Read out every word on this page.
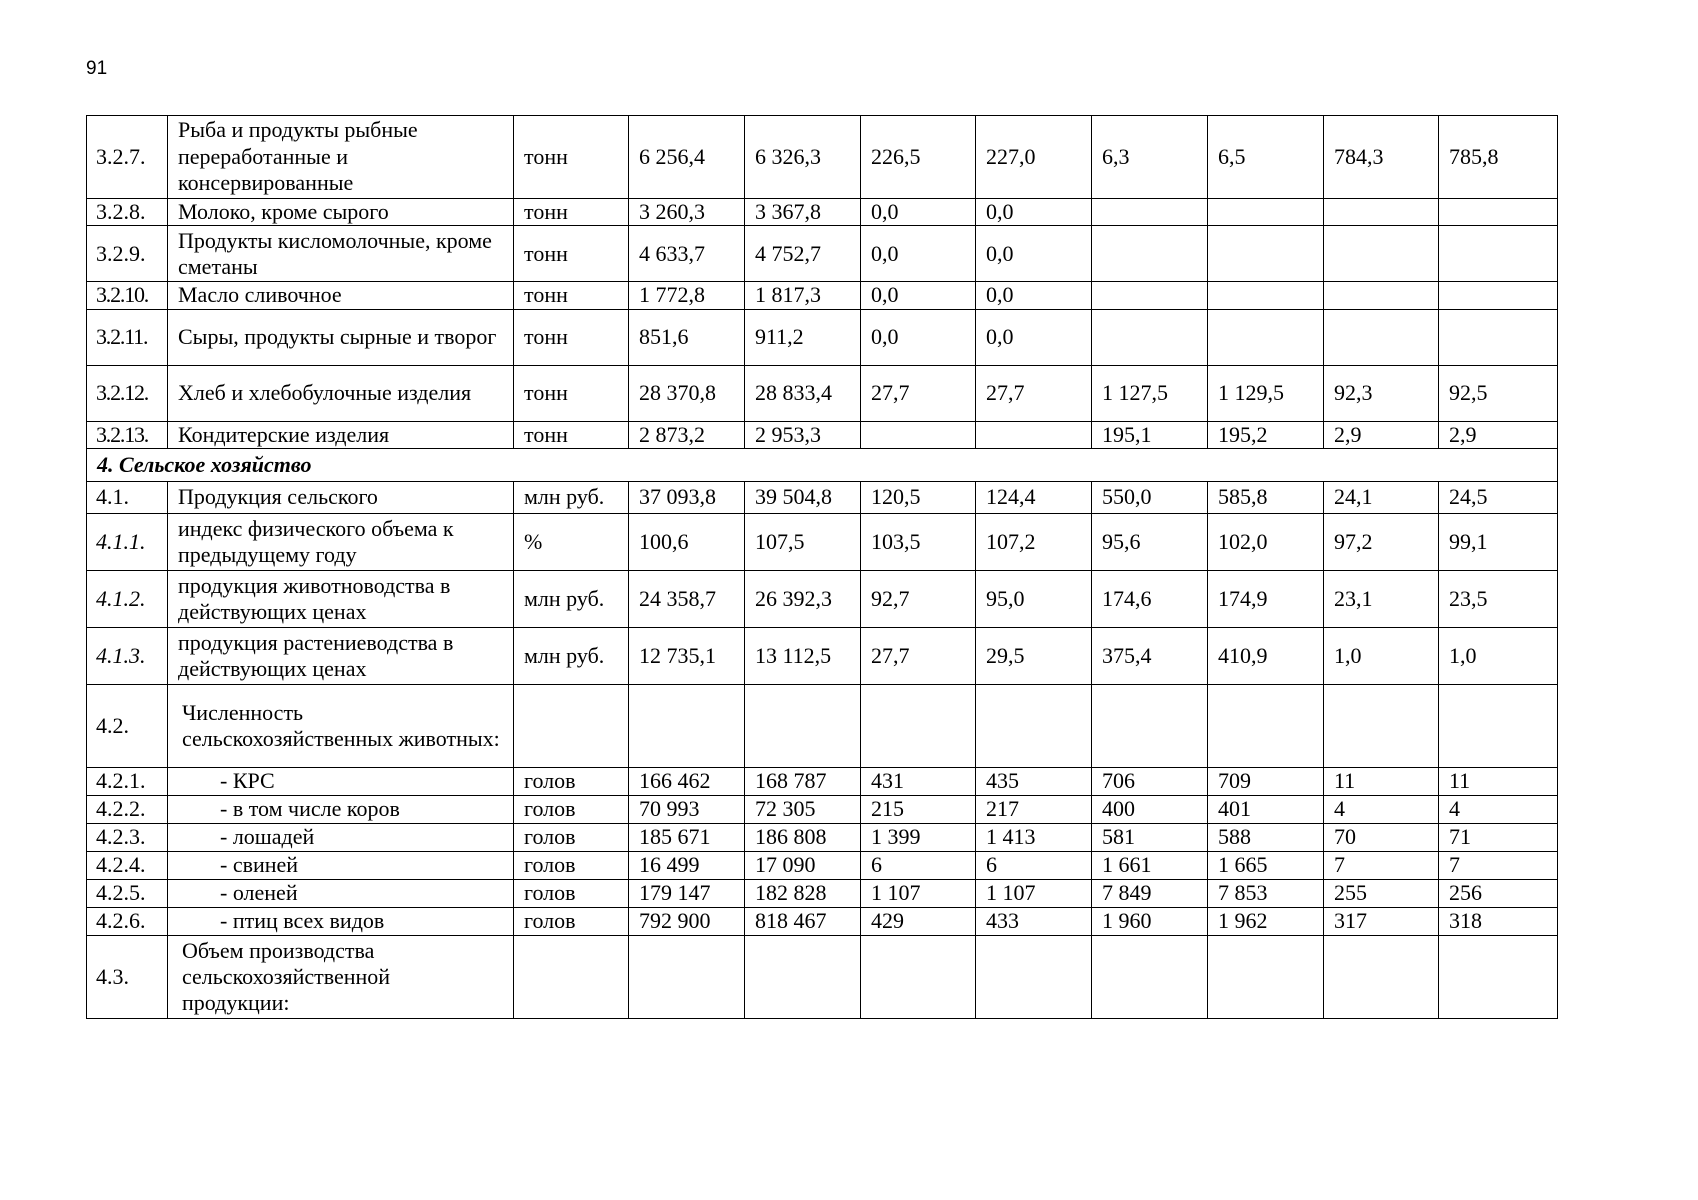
91
3.2.7.	Рыба и продукты рыбные переработанные и консервированные	тонн	6 256,4	6 326,3	226,5	227,0	6,3	6,5	784,3	785,8
3.2.8.	Молоко, кроме сырого	тонн	3 260,3	3 367,8	0,0	0,0				
3.2.9.	Продукты кисломолочные, кроме сметаны	тонн	4 633,7	4 752,7	0,0	0,0				
3.2.10.	Масло сливочное	тонн	1 772,8	1 817,3	0,0	0,0				
3.2.11.	Сыры, продукты сырные и творог	тонн	851,6	911,2	0,0	0,0				
3.2.12.	Хлеб и хлебобулочные изделия	тонн	28 370,8	28 833,4	27,7	27,7	1 127,5	1 129,5	92,3	92,5
3.2.13.	Кондитерские изделия	тонн	2 873,2	2 953,3			195,1	195,2	2,9	2,9
4. Сельское хозяйство										
4.1.	Продукция сельского	млн руб.	37 093,8	39 504,8	120,5	124,4	550,0	585,8	24,1	24,5
4.1.1.	индекс физического объема к предыдущему году	%	100,6	107,5	103,5	107,2	95,6	102,0	97,2	99,1
4.1.2.	продукция животноводства в действующих ценах	млн руб.	24 358,7	26 392,3	92,7	95,0	174,6	174,9	23,1	23,5
4.1.3.	продукция растениеводства в действующих ценах	млн руб.	12 735,1	13 112,5	27,7	29,5	375,4	410,9	1,0	1,0
4.2.	Численность сельскохозяйственных животных:									
4.2.1.	- КРС	голов	166 462	168 787	431	435	706	709	11	11
4.2.2.	- в том числе коров	голов	70 993	72 305	215	217	400	401	4	4
4.2.3.	- лошадей	голов	185 671	186 808	1 399	1 413	581	588	70	71
4.2.4.	- свиней	голов	16 499	17 090	6	6	1 661	1 665	7	7
4.2.5.	- оленей	голов	179 147	182 828	1 107	1 107	7 849	7 853	255	256
4.2.6.	- птиц всех видов	голов	792 900	818 467	429	433	1 960	1 962	317	318
4.3.	Объем производства сельскохозяйственной продукции:									
